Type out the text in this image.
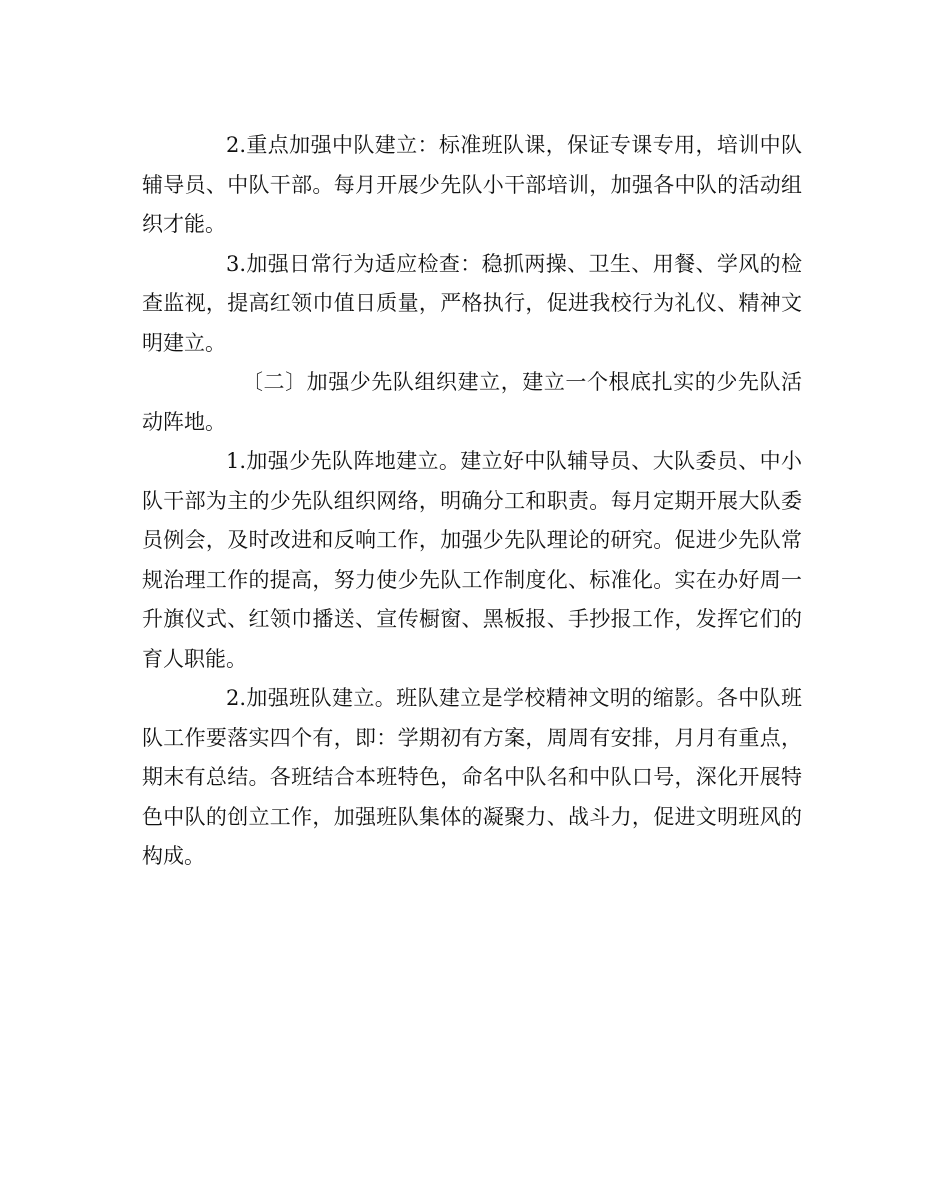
2.重点加强中队建立：标准班队课，保证专课专用，培训中队辅导员、中队干部。每月开展少先队小干部培训，加强各中队的活动组织才能。

3.加强日常行为适应检查：稳抓两操、卫生、用餐、学风的检查监视，提高红领巾值日质量，严格执行，促进我校行为礼仪、精神文明建立。

〔二〕加强少先队组织建立，建立一个根底扎实的少先队活动阵地。

1.加强少先队阵地建立。建立好中队辅导员、大队委员、中小队干部为主的少先队组织网络，明确分工和职责。每月定期开展大队委员例会，及时改进和反响工作，加强少先队理论的研究。促进少先队常规治理工作的提高，努力使少先队工作制度化、标准化。实在办好周一升旗仪式、红领巾播送、宣传橱窗、黑板报、手抄报工作，发挥它们的育人职能。

2.加强班队建立。班队建立是学校精神文明的缩影。各中队班队工作要落实四个有，即：学期初有方案，周周有安排，月月有重点，期末有总结。各班结合本班特色，命名中队名和中队口号，深化开展特色中队的创立工作，加强班队集体的凝聚力、战斗力，促进文明班风的构成。
